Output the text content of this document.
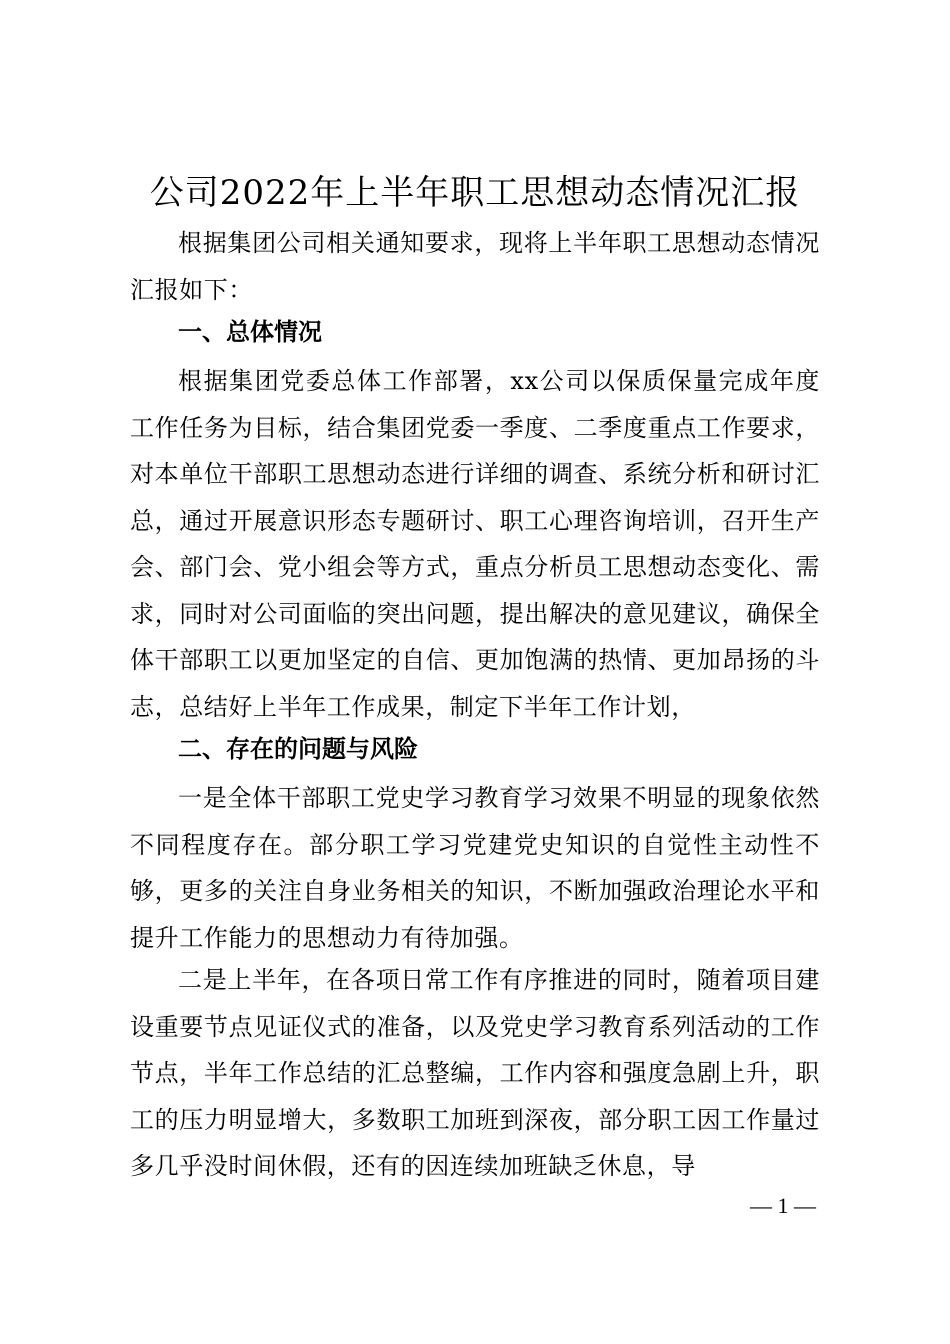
公司2022年上半年职工思想动态情况汇报

根据集团公司相关通知要求，现将上半年职工思想动态情况汇报如下：

一、总体情况

根据集团党委总体工作部署，xx公司以保质保量完成年度工作任务为目标，结合集团党委一季度、二季度重点工作要求，对本单位干部职工思想动态进行详细的调查、系统分析和研讨汇总，通过开展意识形态专题研讨、职工心理咨询培训，召开生产会、部门会、党小组会等方式，重点分析员工思想动态变化、需求，同时对公司面临的突出问题，提出解决的意见建议，确保全体干部职工以更加坚定的自信、更加饱满的热情、更加昂扬的斗志，总结好上半年工作成果，制定下半年工作计划，

二、存在的问题与风险

一是全体干部职工党史学习教育学习效果不明显的现象依然不同程度存在。部分职工学习党建党史知识的自觉性主动性不够，更多的关注自身业务相关的知识，不断加强政治理论水平和提升工作能力的思想动力有待加强。

二是上半年，在各项日常工作有序推进的同时，随着项目建设重要节点见证仪式的准备，以及党史学习教育系列活动的工作节点，半年工作总结的汇总整编，工作内容和强度急剧上升，职工的压力明显增大，多数职工加班到深夜，部分职工因工作量过多几乎没时间休假，还有的因连续加班缺乏休息，导

— 1 —
